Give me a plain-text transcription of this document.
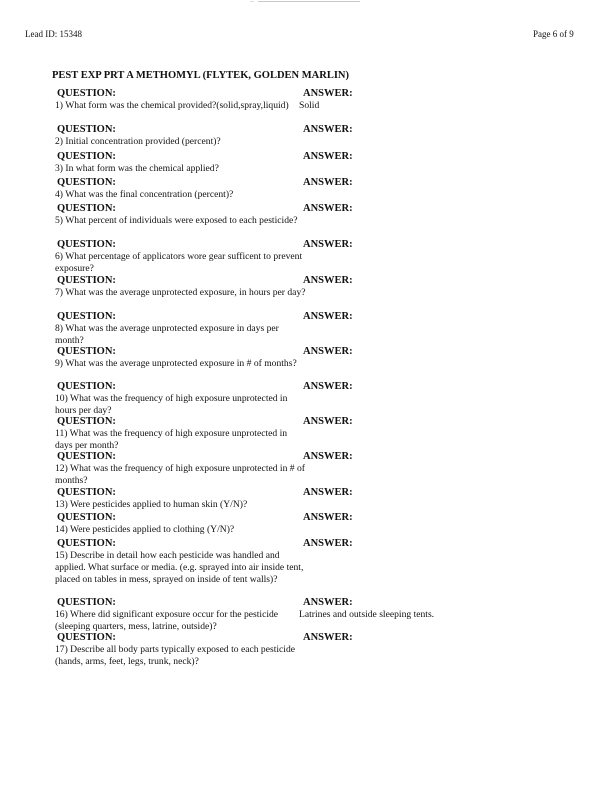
Lead ID: 15348	Page 6 of 9
PEST EXP PRT A METHOMYL (FLYTEK, GOLDEN MARLIN)
QUESTION:	ANSWER:
1) What form was the chemical provided?(solid,spray,liquid)	Solid
QUESTION:	ANSWER:
2) Initial concentration provided (percent)?
QUESTION:	ANSWER:
3) In what form was the chemical applied?
QUESTION:	ANSWER:
4) What was the final concentration (percent)?
QUESTION:	ANSWER:
5) What percent of individuals were exposed to each pesticide?
QUESTION:	ANSWER:
6) What percentage of applicators wore gear sufficent to prevent exposure?
QUESTION:	ANSWER:
7) What was the average unprotected exposure, in hours per day?
QUESTION:	ANSWER:
8) What was the average unprotected exposure in days per month?
QUESTION:	ANSWER:
9) What was the average unprotected exposure in # of months?
QUESTION:	ANSWER:
10) What was the frequency of high exposure unprotected in hours per day?
QUESTION:	ANSWER:
11) What was the frequency of high exposure unprotected in days per month?
QUESTION:	ANSWER:
12) What was the frequency of high exposure unprotected in # of months?
QUESTION:	ANSWER:
13) Were pesticides applied to human skin (Y/N)?
QUESTION:	ANSWER:
14) Were pesticides applied to clothing (Y/N)?
QUESTION:	ANSWER:
15) Describe in detail how each pesticide was handled and applied. What surface or media. (e.g. sprayed into air inside tent, placed on tables in mess, sprayed on inside of tent walls)?
QUESTION:	ANSWER:
16) Where did significant exposure occur for the pesticide (sleeping quarters, mess, latrine, outside)?
Latrines and outside sleeping tents.
QUESTION:	ANSWER:
17) Describe all body parts typically exposed to each pesticide (hands, arms, feet, legs, trunk, neck)?
